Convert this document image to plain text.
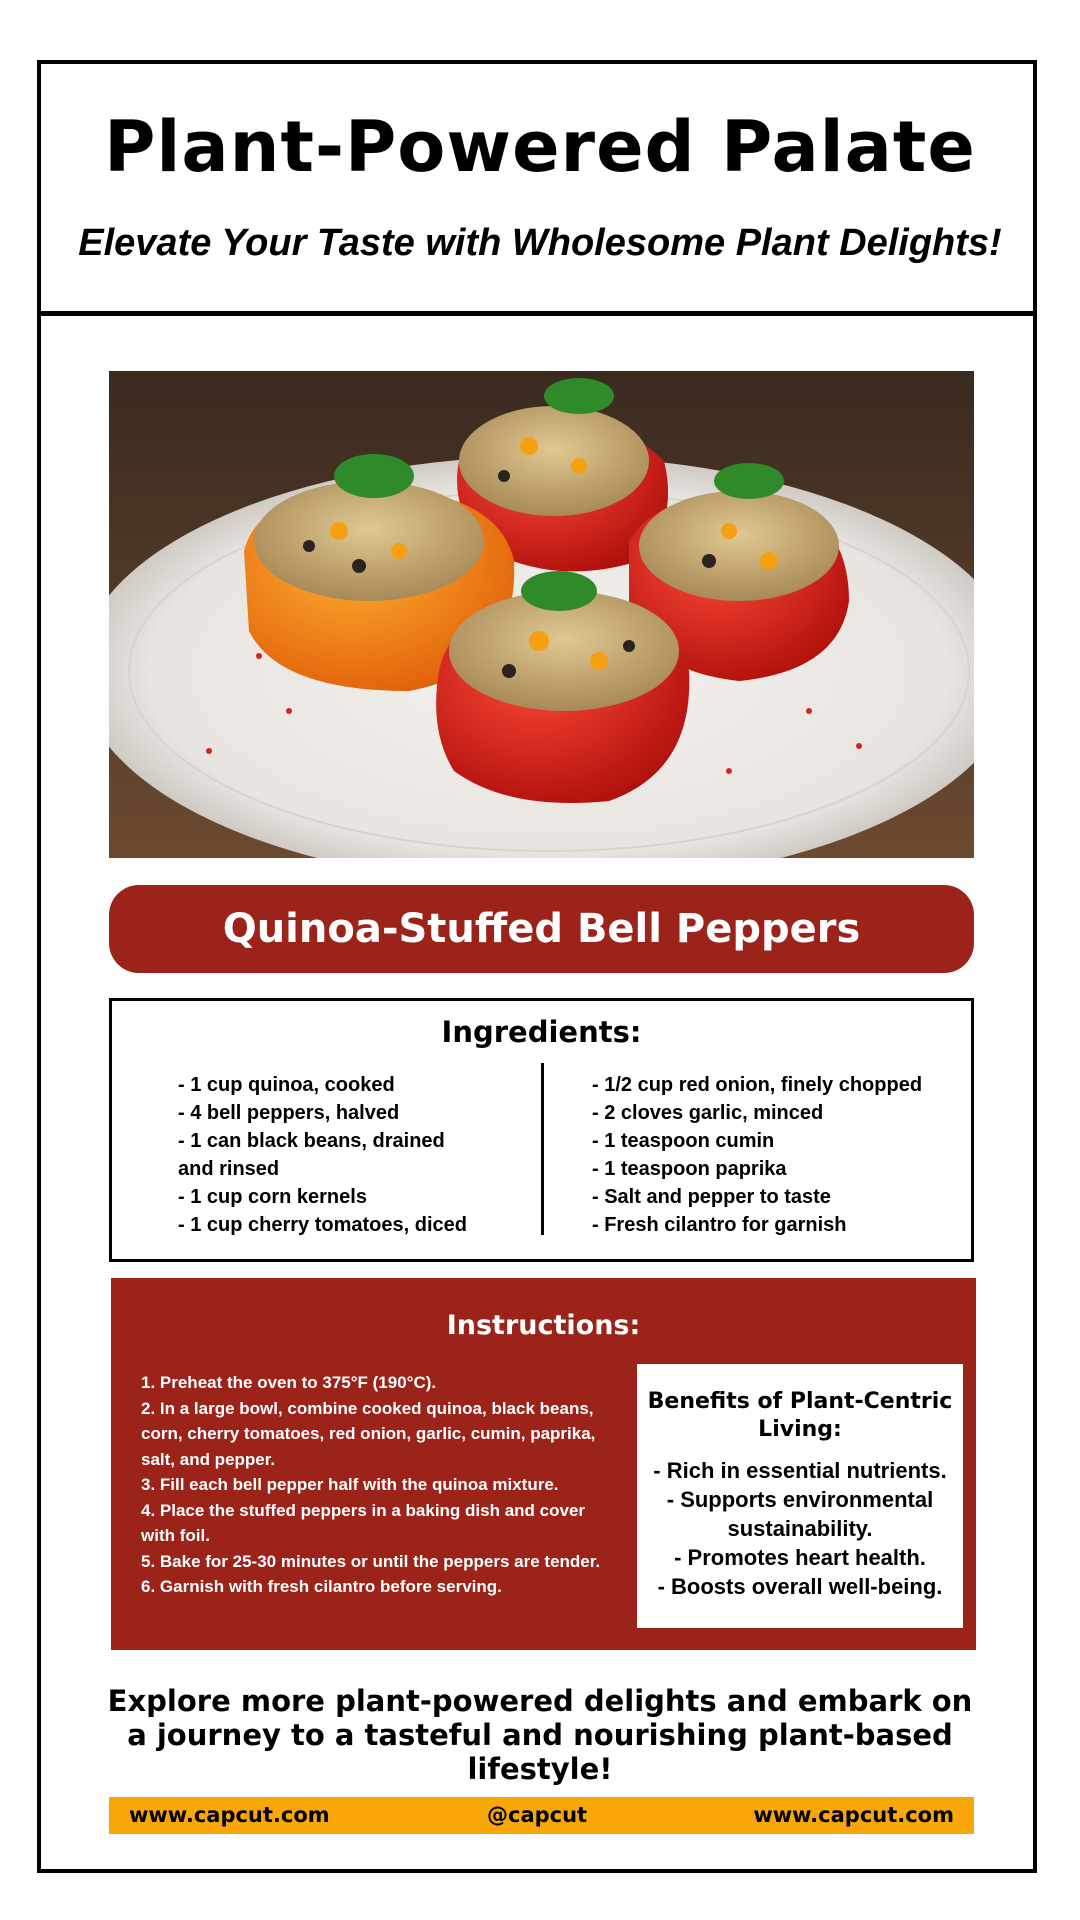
Plant-Powered Palate

Elevate Your Taste with Wholesome Plant Delights!

Quinoa-Stuffed Bell Peppers
Ingredients:
- 1 cup quinoa, cooked
- 4 bell peppers, halved
- 1 can black beans, drained and rinsed
- 1 cup corn kernels
- 1 cup cherry tomatoes, diced
- 1/2 cup red onion, finely chopped
- 2 cloves garlic, minced
- 1 teaspoon cumin
- 1 teaspoon paprika
- Salt and pepper to taste
- Fresh cilantro for garnish
Instructions:
1. Preheat the oven to 375°F (190°C).
2. In a large bowl, combine cooked quinoa, black beans, corn, cherry tomatoes, red onion, garlic, cumin, paprika, salt, and pepper.
3. Fill each bell pepper half with the quinoa mixture.
4. Place the stuffed peppers in a baking dish and cover with foil.
5. Bake for 25-30 minutes or until the peppers are tender.
6. Garnish with fresh cilantro before serving.
Benefits of Plant-Centric Living:
- Rich in essential nutrients.
- Supports environmental sustainability.
- Promotes heart health.
- Boosts overall well-being.

Explore more plant-powered delights and embark on a journey to a tasteful and nourishing plant-based lifestyle!

www.capcut.com	@capcut	www.capcut.com
